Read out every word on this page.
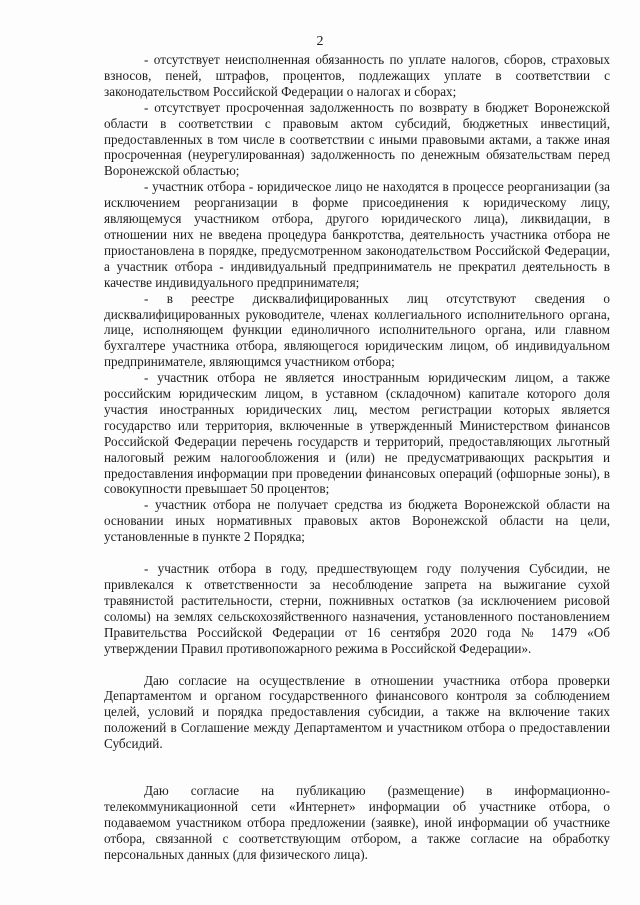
2

- отсутствует неисполненная обязанность по уплате налогов, сборов, страховых взносов, пеней, штрафов, процентов, подлежащих уплате в соответствии с законодательством Российской Федерации о налогах и сборах;

- отсутствует просроченная задолженность по возврату в бюджет Воронежской области в соответствии с правовым актом субсидий, бюджетных инвестиций, предоставленных в том числе в соответствии с иными правовыми актами, а также иная просроченная (неурегулированная) задолженность по денежным обязательствам перед Воронежской областью;

- участник отбора - юридическое лицо не находятся в процессе реорганизации (за исключением реорганизации в форме присоединения к юридическому лицу, являющемуся участником отбора, другого юридического лица), ликвидации, в отношении них не введена процедура банкротства, деятельность участника отбора не приостановлена в порядке, предусмотренном законодательством Российской Федерации, а участник отбора - индивидуальный предприниматель не прекратил деятельность в качестве индивидуального предпринимателя;

- в реестре дисквалифицированных лиц отсутствуют сведения о дисквалифицированных руководителе, членах коллегиального исполнительного органа, лице, исполняющем функции единоличного исполнительного органа, или главном бухгалтере участника отбора, являющегося юридическим лицом, об индивидуальном предпринимателе, являющимся участником отбора;

- участник отбора не является иностранным юридическим лицом, а также российским юридическим лицом, в уставном (складочном) капитале которого доля участия иностранных юридических лиц, местом регистрации которых является государство или территория, включенные в утвержденный Министерством финансов Российской Федерации перечень государств и территорий, предоставляющих льготный налоговый режим налогообложения и (или) не предусматривающих раскрытия и предоставления информации при проведении финансовых операций (офшорные зоны), в совокупности превышает 50 процентов;

- участник отбора не получает средства из бюджета Воронежской области на основании иных нормативных правовых актов Воронежской области на цели, установленные в пункте 2 Порядка;

- участник отбора в году, предшествующем году получения Субсидии, не привлекался к ответственности за несоблюдение запрета на выжигание сухой травянистой растительности, стерни, пожнивных остатков (за исключением рисовой соломы) на землях сельскохозяйственного назначения, установленного постановлением Правительства Российской Федерации от 16 сентября 2020 года № 1479 «Об утверждении Правил противопожарного режима в Российской Федерации».

Даю согласие на осуществление в отношении участника отбора проверки Департаментом и органом государственного финансового контроля за соблюдением целей, условий и порядка предоставления субсидии, а также на включение таких положений в Соглашение между Департаментом и участником отбора о предоставлении Субсидий.

Даю согласие на публикацию (размещение) в информационно-телекоммуникационной сети «Интернет» информации об участнике отбора, о подаваемом участником отбора предложении (заявке), иной информации об участнике отбора, связанной с соответствующим отбором, а также согласие на обработку персональных данных (для физического лица).
